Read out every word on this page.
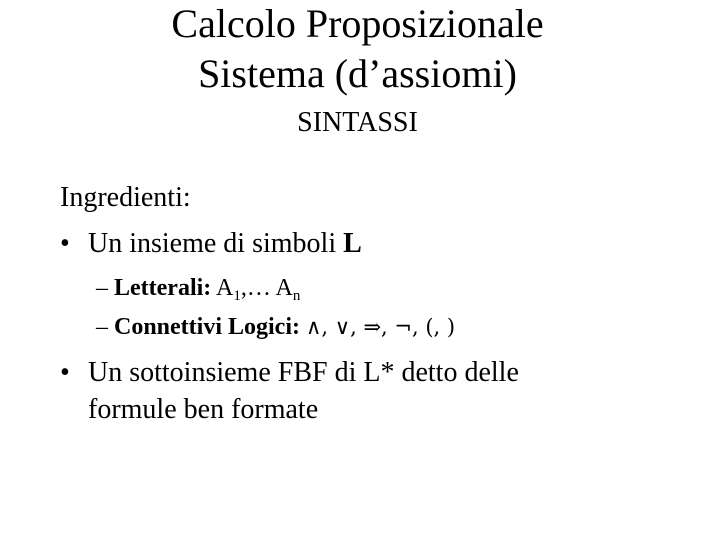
Calcolo Proposizionale
Sistema (d’assiomi)
SINTASSI
Ingredienti:
• Un insieme di simboli L
– Letterali: $A_1,\dots$ $A_n$
– Connettivi Logici: ∧, ∨, ⇒, ¬, (, )
• Un sottoinsieme FBF di L* detto delle
formule ben formate
